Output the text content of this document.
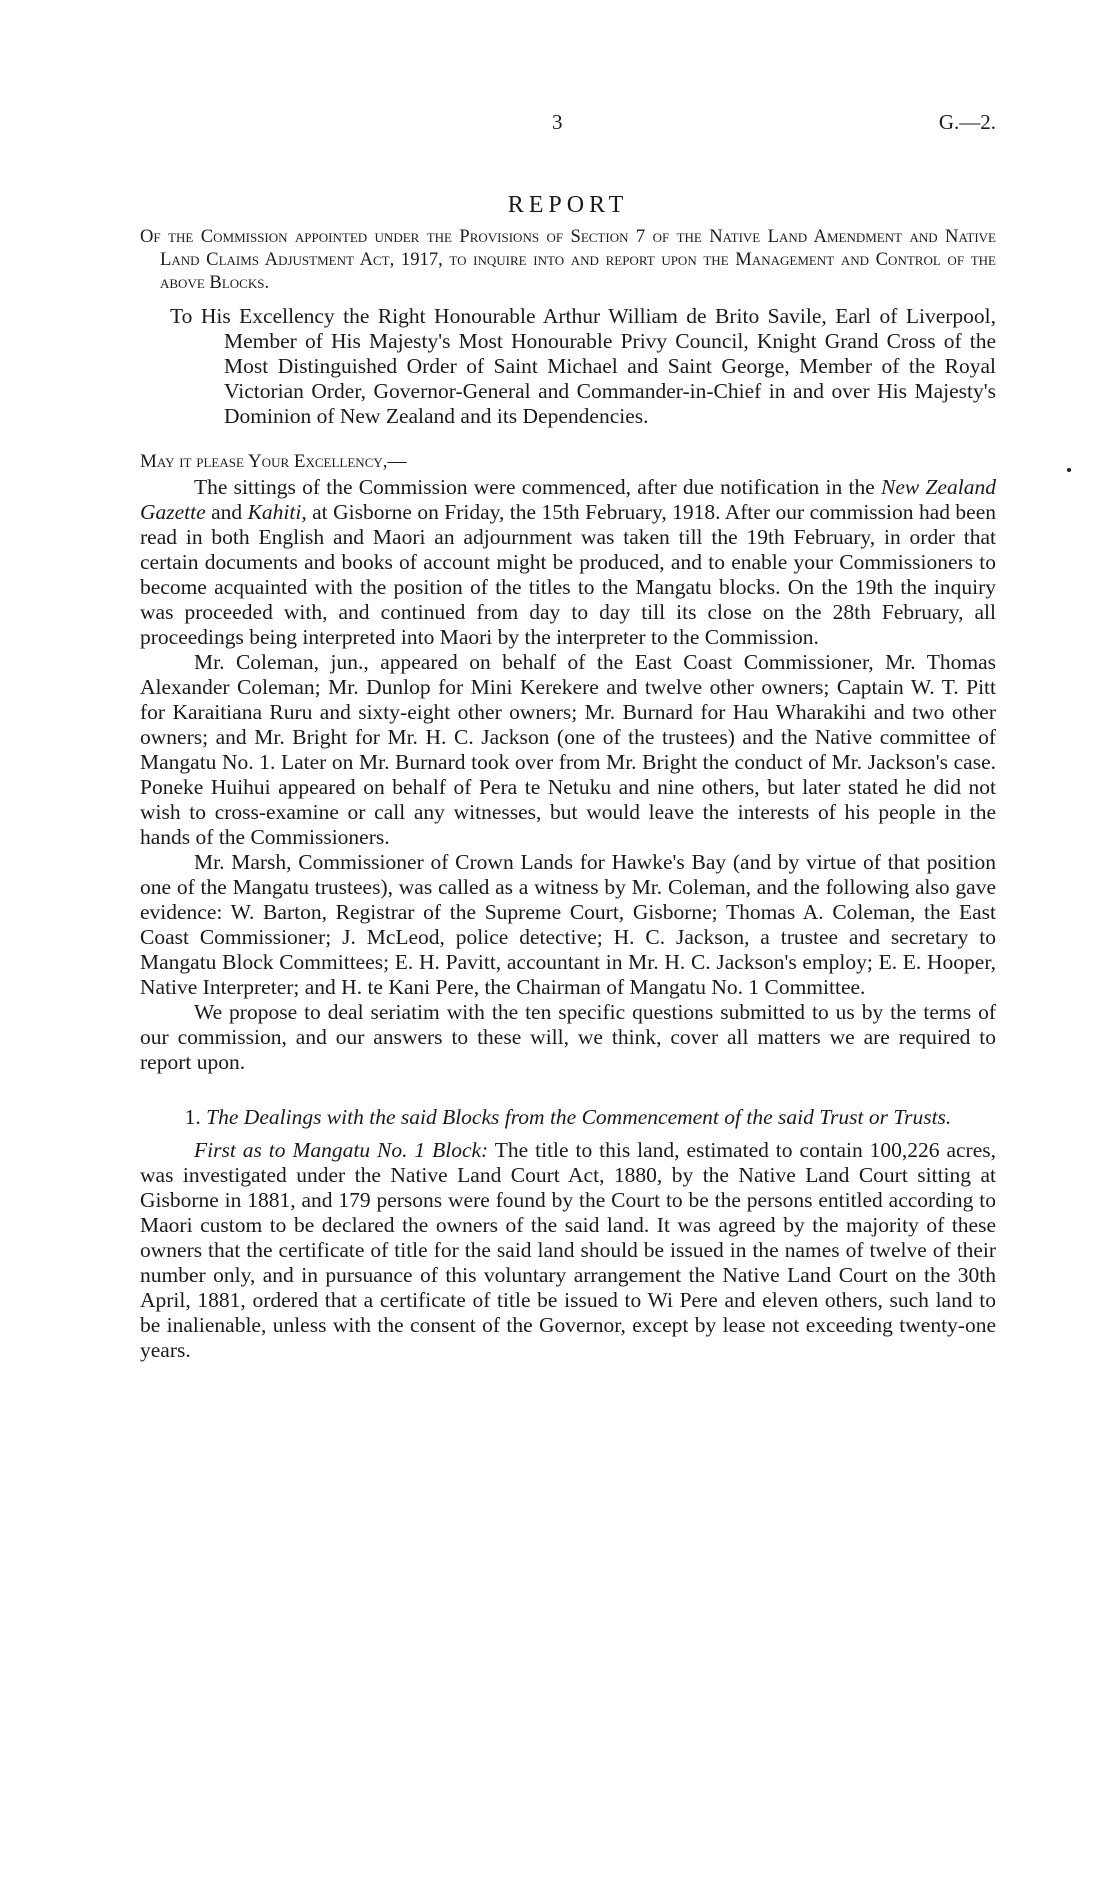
3	G.—2.
REPORT

Of the Commission appointed under the Provisions of Section 7 of the Native Land Amendment and Native Land Claims Adjustment Act, 1917, to inquire into and report upon the Management and Control of the above Blocks.

To His Excellency the Right Honourable Arthur William de Brito Savile, Earl of Liverpool, Member of His Majesty's Most Honourable Privy Council, Knight Grand Cross of the Most Distinguished Order of Saint Michael and Saint George, Member of the Royal Victorian Order, Governor-General and Commander-in-Chief in and over His Majesty's Dominion of New Zealand and its Dependencies.

May it please Your Excellency,—

The sittings of the Commission were commenced, after due notification in the New Zealand Gazette and Kahiti, at Gisborne on Friday, the 15th February, 1918. After our commission had been read in both English and Maori an adjournment was taken till the 19th February, in order that certain documents and books of account might be produced, and to enable your Commissioners to become acquainted with the position of the titles to the Mangatu blocks. On the 19th the inquiry was proceeded with, and continued from day to day till its close on the 28th February, all proceedings being interpreted into Maori by the interpreter to the Commission.

Mr. Coleman, jun., appeared on behalf of the East Coast Commissioner, Mr. Thomas Alexander Coleman; Mr. Dunlop for Mini Kerekere and twelve other owners; Captain W. T. Pitt for Karaitiana Ruru and sixty-eight other owners; Mr. Burnard for Hau Wharakihi and two other owners; and Mr. Bright for Mr. H. C. Jackson (one of the trustees) and the Native committee of Mangatu No. 1. Later on Mr. Burnard took over from Mr. Bright the conduct of Mr. Jackson's case. Poneke Huihui appeared on behalf of Pera te Netuku and nine others, but later stated he did not wish to cross-examine or call any witnesses, but would leave the interests of his people in the hands of the Commissioners.

Mr. Marsh, Commissioner of Crown Lands for Hawke's Bay (and by virtue of that position one of the Mangatu trustees), was called as a witness by Mr. Coleman, and the following also gave evidence: W. Barton, Registrar of the Supreme Court, Gisborne; Thomas A. Coleman, the East Coast Commissioner; J. McLeod, police detective; H. C. Jackson, a trustee and secretary to Mangatu Block Committees; E. H. Pavitt, accountant in Mr. H. C. Jackson's employ; E. E. Hooper, Native Interpreter; and H. te Kani Pere, the Chairman of Mangatu No. 1 Committee.

We propose to deal seriatim with the ten specific questions submitted to us by the terms of our commission, and our answers to these will, we think, cover all matters we are required to report upon.

1. The Dealings with the said Blocks from the Commencement of the said Trust or Trusts.

First as to Mangatu No. 1 Block: The title to this land, estimated to contain 100,226 acres, was investigated under the Native Land Court Act, 1880, by the Native Land Court sitting at Gisborne in 1881, and 179 persons were found by the Court to be the persons entitled according to Maori custom to be declared the owners of the said land. It was agreed by the majority of these owners that the certificate of title for the said land should be issued in the names of twelve of their number only, and in pursuance of this voluntary arrangement the Native Land Court on the 30th April, 1881, ordered that a certificate of title be issued to Wi Pere and eleven others, such land to be inalienable, unless with the consent of the Governor, except by lease not exceeding twenty-one years.
